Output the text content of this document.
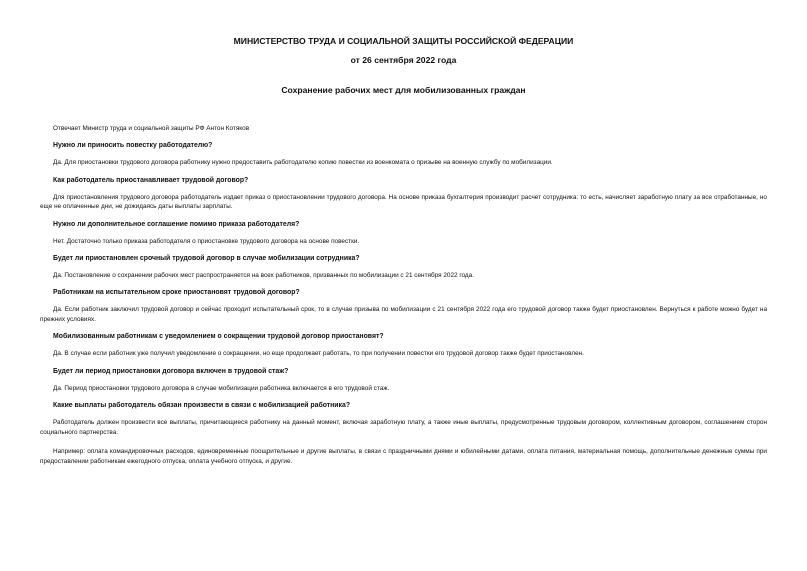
МИНИСТЕРСТВО ТРУДА И СОЦИАЛЬНОЙ ЗАЩИТЫ РОССИЙСКОЙ ФЕДЕРАЦИИ
от 26 сентября 2022 года
Сохранение рабочих мест для мобилизованных граждан

Отвечает Министр труда и социальной защиты РФ Антон Котяков

Нужно ли приносить повестку работодателю?

Да. Для приостановки трудового договора работнику нужно предоставить работодателю копию повестки из военкомата о призыве на военную службу по мобилизации.

Как работодатель приостанавливает трудовой договор?

Для приостановления трудового договора работодатель издает приказ о приостановлении трудового договора. На основе приказа бухгалтерия производит расчет сотрудника: то есть, начисляет заработную плату за все отработанные, но еще не оплаченные дни, не дожидаясь даты выплаты зарплаты.

Нужно ли дополнительное соглашение помимо приказа работодателя?

Нет. Достаточно только приказа работодателя о приостановке трудового договора на основе повестки.

Будет ли приостановлен срочный трудовой договор в случае мобилизации сотрудника?

Да. Постановление о сохранении рабочих мест распространяется на всех работников, призванных по мобилизации с 21 сентября 2022 года.

Работникам на испытательном сроке приостановят трудовой договор?

Да. Если работник заключил трудовой договор и сейчас проходит испытательный срок, то в случае призыва по мобилизации с 21 сентября 2022 года его трудовой договор также будет приостановлен. Вернуться к работе можно будет на прежних условиях.

Мобилизованным работникам с уведомлением о сокращении трудовой договор приостановят?

Да. В случае если работник уже получил уведомление о сокращении, но еще продолжает работать, то при получении повестки его трудовой договор также будет приостановлен.

Будет ли период приостановки договора включен в трудовой стаж?

Да. Период приостановки трудового договора в случае мобилизации работника включается в его трудовой стаж.

Какие выплаты работодатель обязан произвести в связи с мобилизацией работника?

Работодатель должен произвести все выплаты, причитающиеся работнику на данный момент, включая заработную плату, а также иные выплаты, предусмотренные трудовым договором, коллективным договором, соглашением сторон социального партнерства.

Например: оплата командировочных расходов, единовременные поощрительные и другие выплаты, в связи с праздничными днями и юбилейными датами, оплата питания, материальная помощь, дополнительные денежные суммы при предоставлении работникам ежегодного отпуска, оплата учебного отпуска, и другие.
